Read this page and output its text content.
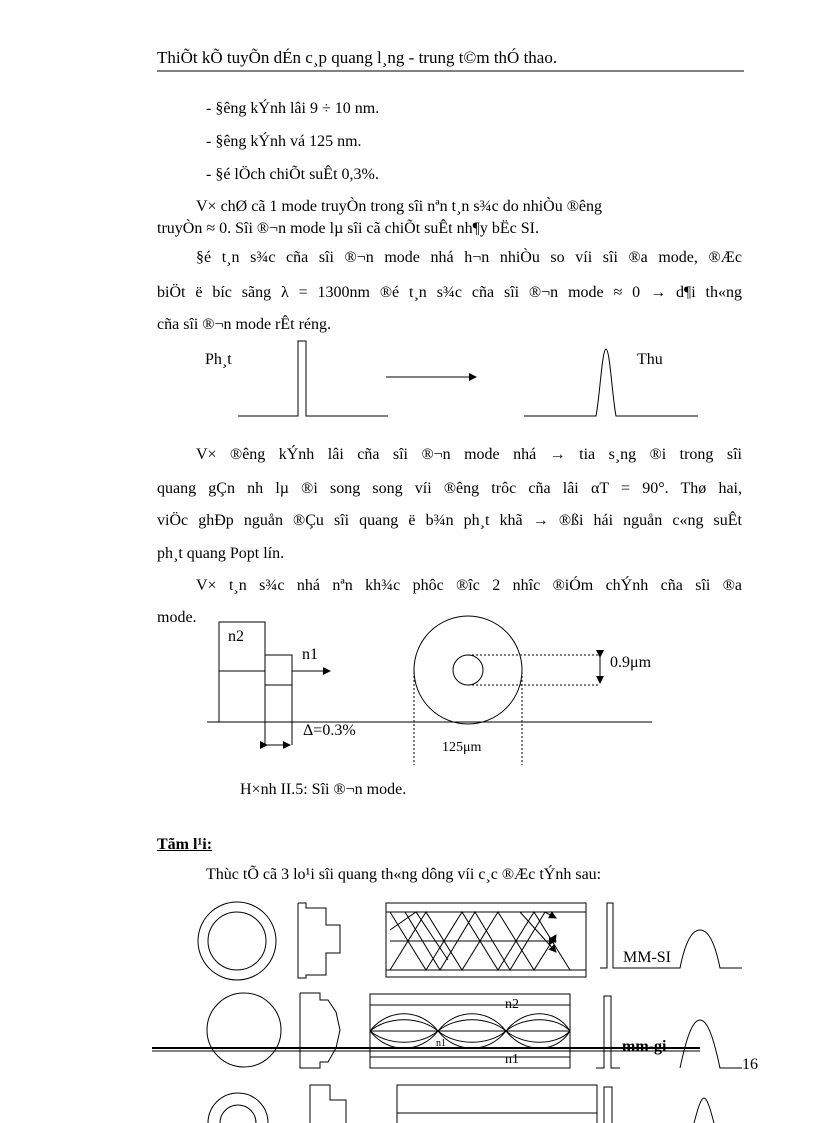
ThiÕt kÕ tuyÕn dÉn c¸p quang l¸ng - trung t©m thÓ thao.
- §êng kÝnh lâi 9 ÷ 10 nm.
- §êng kÝnh vá 125 nm.
- §é lÖch chiÕt suÊt 0,3%.
V× chØ cã 1 mode truyÒn trong sîi nªn t¸n s¾c do nhiÒu ®êng
truyÒn ≈ 0. Sîi ®¬n mode lµ sîi cã chiÕt suÊt nh¶y bËc SI.
§é t¸n s¾c cña sîi ®¬n mode nhá h¬n nhiÒu so víi sîi ®a mode, ®Æc
biÖt ë bíc sãng λ = 1300nm ®é t¸n s¾c cña sîi ®¬n mode ≈ 0 → d¶i th«ng
cña sîi ®¬n mode rÊt réng.
Ph¸t	Thu
V× ®êng kÝnh lâi cña sîi ®¬n mode nhá → tia s¸ng ®i trong sîi
quang gÇn nh lµ ®i song song víi ®êng trôc cña lâi αT = 90°. Thø hai,
viÖc ghÐp nguån ®Çu sîi quang ë b¾n ph¸t khã → ®ßi hái nguån c«ng suÊt
ph¸t quang Popt lín.
V× t¸n s¾c nhá nªn kh¾c phôc ®îc 2 nhîc ®iÓm chÝnh cña sîi ®a
mode.
n2
n1
Δ=0.3%
0.9μm
125μm
H×nh II.5: Sîi ®¬n mode.
Tãm l¹i:
Thùc tÕ cã 3 lo¹i sîi quang th«ng dông víi c¸c ®Æc tÝnh sau:
MM-SI
n2
n1
n1	mm-gi
16
